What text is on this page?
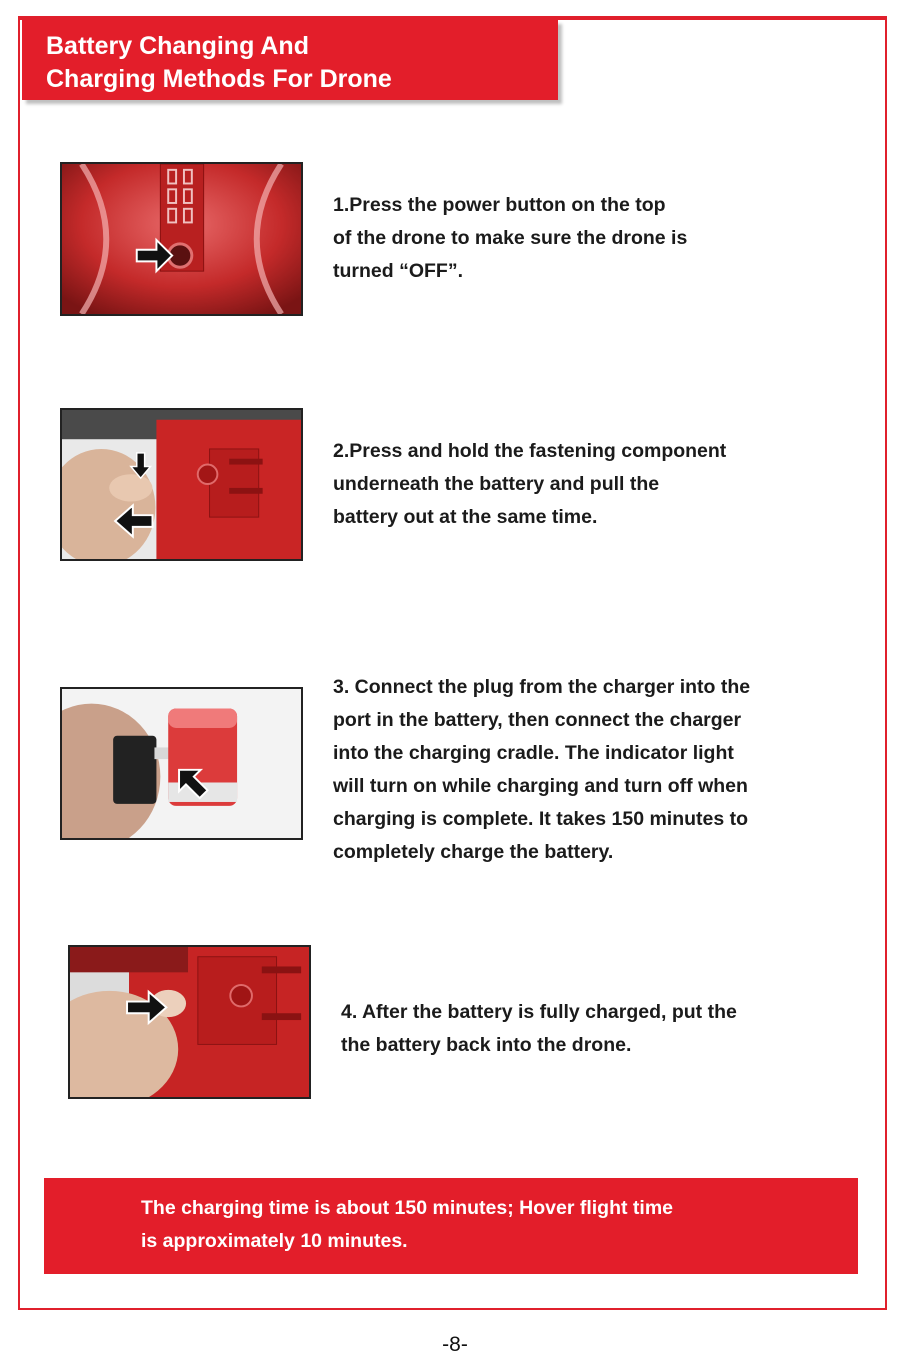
Battery Changing And
Charging Methods For Drone

1.Press the power button on the top
of the drone to make sure the drone is
turned “OFF”.

2.Press and hold the fastening component
underneath the battery and pull the
battery out at the same time.

3. Connect the plug from the charger into the
port in the battery, then connect the charger
into the charging cradle. The indicator light
will turn on while charging and turn off when
charging is complete. It takes 150 minutes to
completely charge the battery.

4. After the battery is fully charged, put the
the battery back into the drone.

The charging time is about 150 minutes; Hover flight time
is approximately 10 minutes.

-8-
